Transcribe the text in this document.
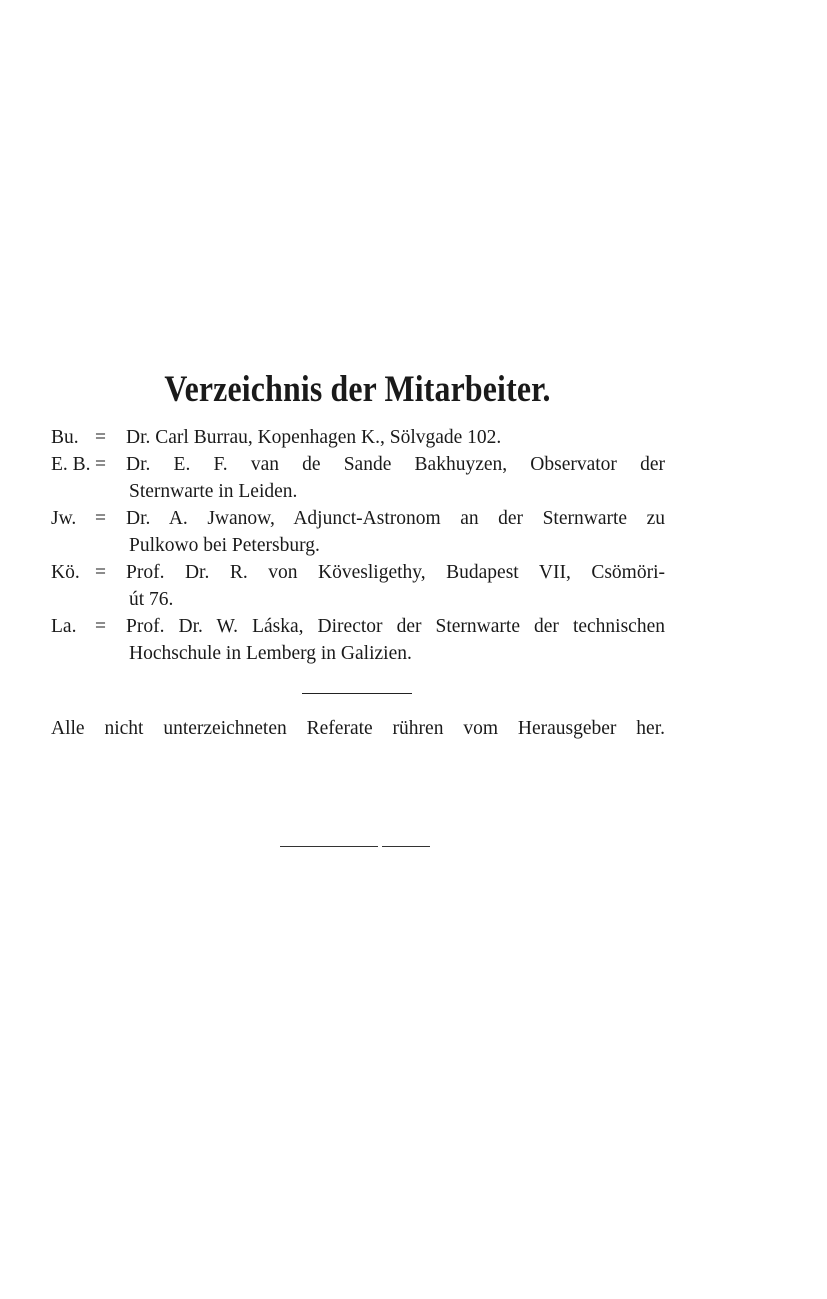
Verzeichnis der Mitarbeiter.
Bu. =	Dr. Carl Burrau, Kopenhagen K., Sölvgade 102.
E. B. =	Dr. E. F. van de Sande Bakhuyzen, Observator der
Sternwarte in Leiden.
Jw. =	Dr. A. Jwanow, Adjunct-Astronom an der Sternwarte zu
Pulkowo bei Petersburg.
Kö. =	Prof. Dr. R. von Kövesligethy, Budapest VII, Csömöri-
út 76.
La. =	Prof. Dr. W. Láska, Director der Sternwarte der technischen
Hochschule in Lemberg in Galizien.
Alle nicht unterzeichneten Referate rühren vom Herausgeber her.
